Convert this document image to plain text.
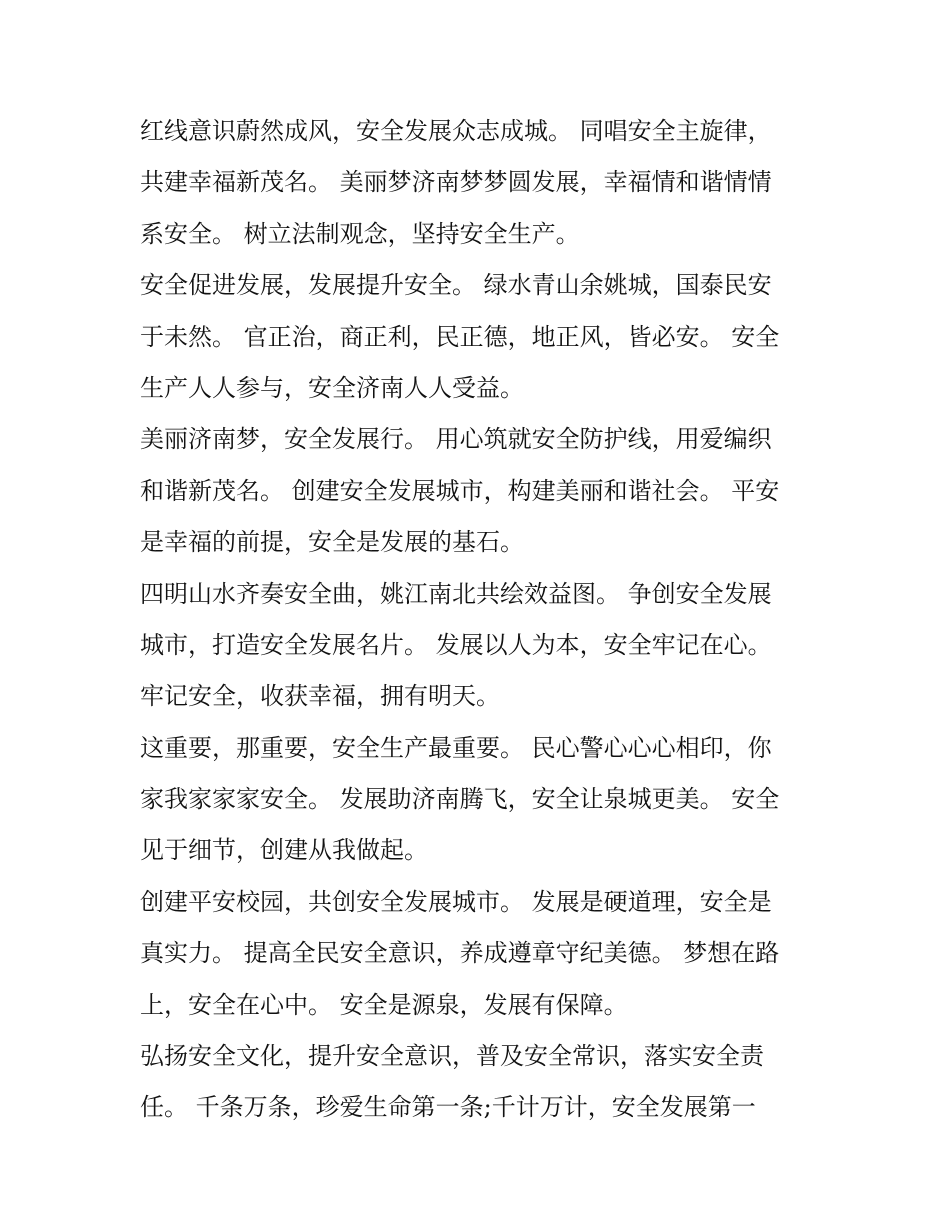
红线意识蔚然成风，安全发展众志成城。 同唱安全主旋律，
共建幸福新茂名。 美丽梦济南梦梦圆发展，幸福情和谐情情
系安全。 树立法制观念，坚持安全生产。
安全促进发展，发展提升安全。 绿水青山余姚城，国泰民安
于未然。 官正治，商正利，民正德，地正风，皆必安。 安全
生产人人参与，安全济南人人受益。
美丽济南梦，安全发展行。 用心筑就安全防护线，用爱编织
和谐新茂名。 创建安全发展城市，构建美丽和谐社会。 平安
是幸福的前提，安全是发展的基石。
四明山水齐奏安全曲，姚江南北共绘效益图。 争创安全发展
城市，打造安全发展名片。 发展以人为本，安全牢记在心。
牢记安全，收获幸福，拥有明天。
这重要，那重要，安全生产最重要。 民心警心心心相印，你
家我家家家安全。 发展助济南腾飞，安全让泉城更美。 安全
见于细节，创建从我做起。
创建平安校园，共创安全发展城市。 发展是硬道理，安全是
真实力。 提高全民安全意识，养成遵章守纪美德。 梦想在路
上，安全在心中。 安全是源泉，发展有保障。
弘扬安全文化，提升安全意识，普及安全常识，落实安全责
任。 千条万条，珍爱生命第一条;千计万计，安全发展第一
